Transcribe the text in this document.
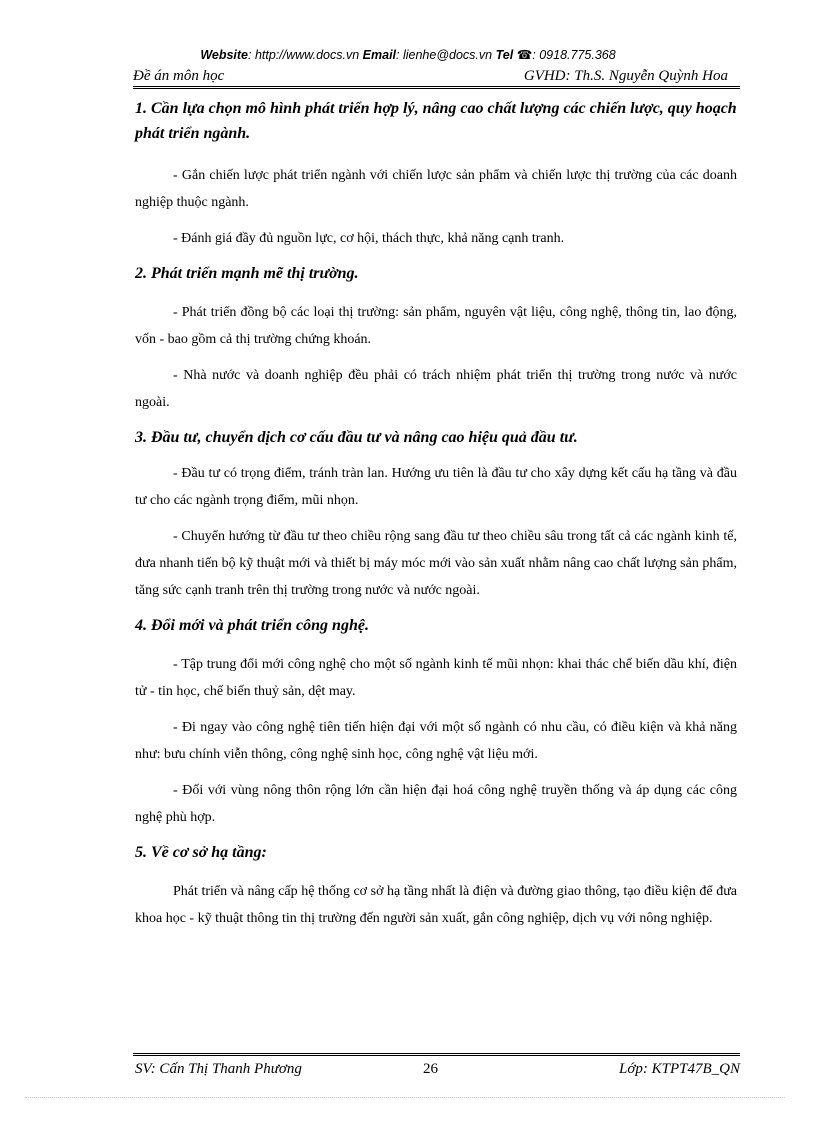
Website: http://www.docs.vn Email: lienhe@docs.vn Tel ☎: 0918.775.368
Đề án môn học	GVHD: Th.S. Nguyễn Quỳnh Hoa

1. Cần lựa chọn mô hình phát triển hợp lý, nâng cao chất lượng các chiến lược, quy hoạch phát triển ngành.

- Gắn chiến lược phát triển ngành với chiến lược sản phẩm và chiến lược thị trường của các doanh nghiệp thuộc ngành.

- Đánh giá đầy đủ nguồn lực, cơ hội, thách thực, khả năng cạnh tranh.

2. Phát triển mạnh mẽ thị trường.

- Phát triển đồng bộ các loại thị trường: sản phẩm, nguyên vật liệu, công nghệ, thông tin, lao động, vốn - bao gồm cả thị trường chứng khoán.

- Nhà nước và doanh nghiệp đều phải có trách nhiệm phát triển thị trường trong nước và nước ngoài.

3. Đầu tư, chuyển dịch cơ cấu đầu tư và nâng cao hiệu quả đầu tư.

- Đầu tư có trọng điểm, tránh tràn lan. Hướng ưu tiên là đầu tư cho xây dựng kết cấu hạ tầng và đầu tư cho các ngành trọng điểm, mũi nhọn.

- Chuyển hướng từ đầu tư theo chiều rộng sang đầu tư theo chiều sâu trong tất cả các ngành kinh tế, đưa nhanh tiến bộ kỹ thuật mới và thiết bị máy móc mới vào sản xuất nhằm nâng cao chất lượng sản phẩm, tăng sức cạnh tranh trên thị trường trong nước và nước ngoài.

4. Đổi mới và phát triển công nghệ.

- Tập trung đổi mới công nghệ cho một số ngành kinh tế mũi nhọn: khai thác chế biến dầu khí, điện tử - tin học, chế biến thuỷ sản, dệt may.

- Đi ngay vào công nghệ tiên tiến hiện đại với một số ngành có nhu cầu, có điều kiện và khả năng như: bưu chính viễn thông, công nghệ sinh học, công nghệ vật liệu mới.

- Đối với vùng nông thôn rộng lớn cần hiện đại hoá công nghệ truyền thống và áp dụng các công nghệ phù hợp.

5. Về cơ sở hạ tầng:

Phát triển và nâng cấp hệ thống cơ sở hạ tầng nhất là điện và đường giao thông, tạo điều kiện để đưa khoa học - kỹ thuật thông tin thị trường đến người sản xuất, gắn công nghiệp, dịch vụ với nông nghiệp.

SV: Cấn Thị Thanh Phương	26	Lớp: KTPT47B_QN
